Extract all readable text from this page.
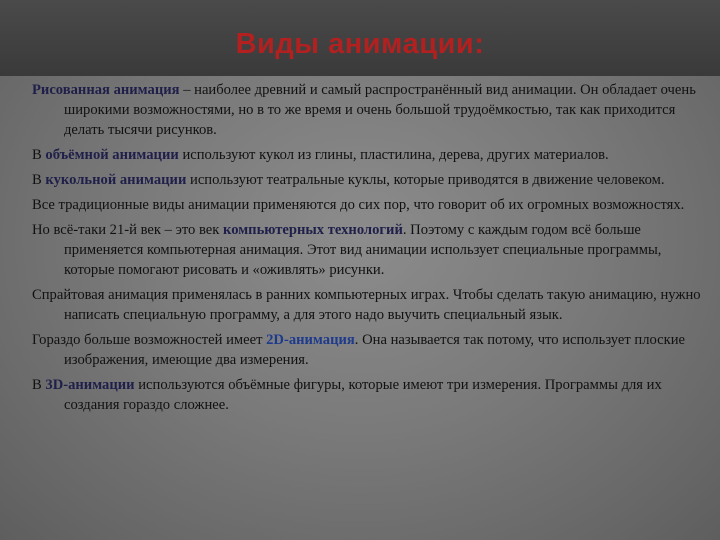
Виды анимации:

Рисованная анимация – наиболее древний и самый распространённый вид анимации. Он обладает очень широкими возможностями, но в то же время и очень большой трудоёмкостью, так как приходится делать тысячи рисунков.

В объёмной анимации используют кукол из глины, пластилина, дерева, других материалов.

В кукольной анимации используют театральные куклы, которые приводятся в движение человеком.

Все традиционные виды анимации применяются до сих пор, что говорит об их огромных возможностях.

Но всё-таки 21-й век – это век компьютерных технологий. Поэтому с каждым годом всё больше применяется компьютерная анимация. Этот вид анимации использует специальные программы, которые помогают рисовать и «оживлять» рисунки.

Спрайтовая анимация применялась в ранних компьютерных играх. Чтобы сделать такую анимацию, нужно написать специальную программу, а для этого надо выучить специальный язык.

Гораздо больше возможностей имеет 2D-анимация. Она называется так потому, что использует плоские изображения, имеющие два измерения.

В 3D-анимации используются объёмные фигуры, которые имеют три измерения. Программы для их создания гораздо сложнее.
